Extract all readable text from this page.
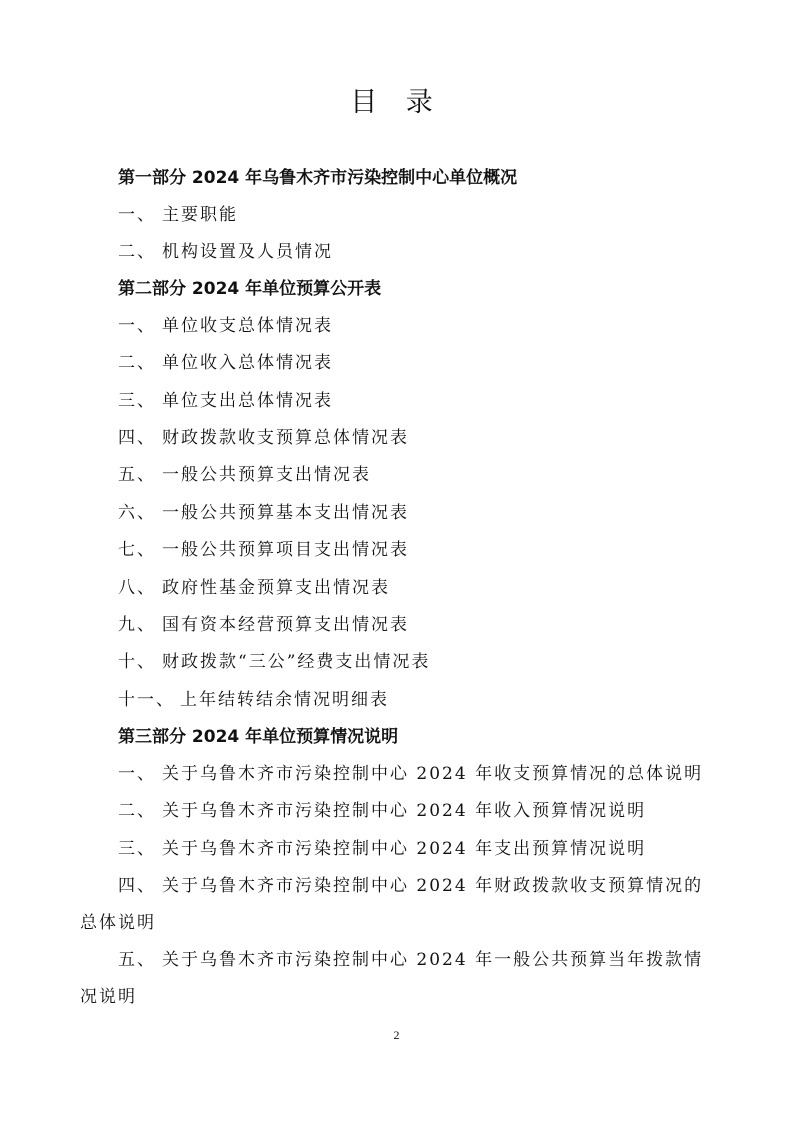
目 录
第一部分 2024 年乌鲁木齐市污染控制中心单位概况
一、 主要职能
二、 机构设置及人员情况
第二部分 2024 年单位预算公开表
一、 单位收支总体情况表
二、 单位收入总体情况表
三、 单位支出总体情况表
四、 财政拨款收支预算总体情况表
五、 一般公共预算支出情况表
六、 一般公共预算基本支出情况表
七、 一般公共预算项目支出情况表
八、 政府性基金预算支出情况表
九、 国有资本经营预算支出情况表
十、 财政拨款“三公”经费支出情况表
十一、 上年结转结余情况明细表
第三部分 2024 年单位预算情况说明
一、 关于乌鲁木齐市污染控制中心 2024 年收支预算情况的总体说明
二、 关于乌鲁木齐市污染控制中心 2024 年收入预算情况说明
三、 关于乌鲁木齐市污染控制中心 2024 年支出预算情况说明
四、 关于乌鲁木齐市污染控制中心 2024 年财政拨款收支预算情况的总体说明
五、 关于乌鲁木齐市污染控制中心 2024 年一般公共预算当年拨款情况说明
2
